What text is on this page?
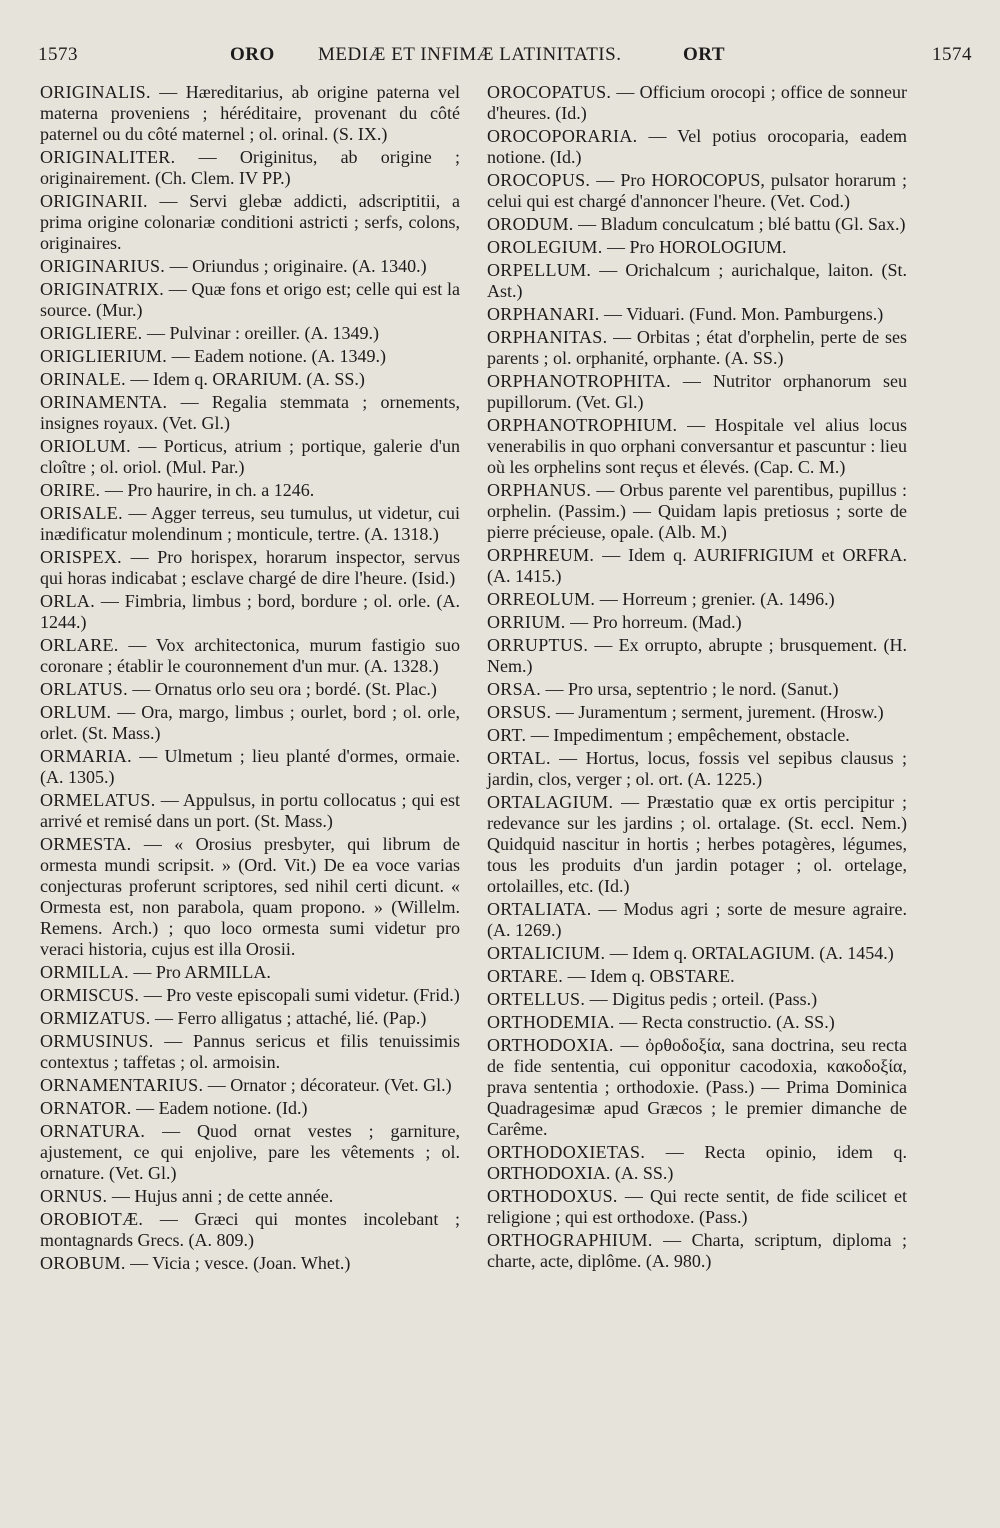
1573	ORO MEDIÆ ET INFIMÆ LATINITATIS.	ORT	1574

ORIGINALIS. — Hæreditarius, ab origine paterna vel materna proveniens ; héréditaire, provenant du côté paternel ou du côté maternel ; ol. orinal. (S. IX.)

ORIGINALITER. — Originitus, ab origine ; originairement. (Ch. Clem. IV PP.)

ORIGINARII. — Servi glebæ addicti, adscriptitii, a prima origine colonariæ conditioni astricti ; serfs, colons, originaires.

ORIGINARIUS. — Oriundus ; originaire. (A. 1340.)

ORIGINATRIX. — Quæ fons et origo est; celle qui est la source. (Mur.)

ORIGLIERE. — Pulvinar : oreiller. (A. 1349.)

ORIGLIERIUM. — Eadem notione. (A. 1349.)

ORINALE. — Idem q. ORARIUM. (A. SS.)

ORINAMENTA. — Regalia stemmata ; ornements, insignes royaux. (Vet. Gl.)

ORIOLUM. — Porticus, atrium ; portique, galerie d'un cloître ; ol. oriol. (Mul. Par.)

ORIRE. — Pro haurire, in ch. a 1246.

ORISALE. — Agger terreus, seu tumulus, ut videtur, cui inædificatur molendinum ; monticule, tertre. (A. 1318.)

ORISPEX. — Pro horispex, horarum inspector, servus qui horas indicabat ; esclave chargé de dire l'heure. (Isid.)

ORLA. — Fimbria, limbus ; bord, bordure ; ol. orle. (A. 1244.)

ORLARE. — Vox architectonica, murum fastigio suo coronare ; établir le couronnement d'un mur. (A. 1328.)

ORLATUS. — Ornatus orlo seu ora ; bordé. (St. Plac.)

ORLUM. — Ora, margo, limbus ; ourlet, bord ; ol. orle, orlet. (St. Mass.)

ORMARIA. — Ulmetum ; lieu planté d'ormes, ormaie. (A. 1305.)

ORMELATUS. — Appulsus, in portu collocatus ; qui est arrivé et remisé dans un port. (St. Mass.)

ORMESTA. — « Orosius presbyter, qui librum de ormesta mundi scripsit. » (Ord. Vit.) De ea voce varias conjecturas proferunt scriptores, sed nihil certi dicunt. « Ormesta est, non parabola, quam propono. » (Willelm. Remens. Arch.) ; quo loco ormesta sumi videtur pro veraci historia, cujus est illa Orosii.

ORMILLA. — Pro ARMILLA.

ORMISCUS. — Pro veste episcopali sumi videtur. (Frid.)

ORMIZATUS. — Ferro alligatus ; attaché, lié. (Pap.)

ORMUSINUS. — Pannus sericus et filis tenuissimis contextus ; taffetas ; ol. armoisin.

ORNAMENTARIUS. — Ornator ; décorateur. (Vet. Gl.)

ORNATOR. — Eadem notione. (Id.)

ORNATURA. — Quod ornat vestes ; garniture, ajustement, ce qui enjolive, pare les vêtements ; ol. ornature. (Vet. Gl.)

ORNUS. — Hujus anni ; de cette année.

OROBIOTÆ. — Græci qui montes incolebant ; montagnards Grecs. (A. 809.)

OROBUM. — Vicia ; vesce. (Joan. Whet.)

OROCOPATUS. — Officium orocopi ; office de sonneur d'heures. (Id.)

OROCOPORARIA. — Vel potius orocoparia, eadem notione. (Id.)

OROCOPUS. — Pro HOROCOPUS, pulsator horarum ; celui qui est chargé d'annoncer l'heure. (Vet. Cod.)

ORODUM. — Bladum conculcatum ; blé battu (Gl. Sax.)

OROLEGIUM. — Pro HOROLOGIUM.

ORPELLUM. — Orichalcum ; aurichalque, laiton. (St. Ast.)

ORPHANARI. — Viduari. (Fund. Mon. Pamburgens.)

ORPHANITAS. — Orbitas ; état d'orphelin, perte de ses parents ; ol. orphanité, orphante. (A. SS.)

ORPHANOTROPHITA. — Nutritor orphanorum seu pupillorum. (Vet. Gl.)

ORPHANOTROPHIUM. — Hospitale vel alius locus venerabilis in quo orphani conversantur et pascuntur : lieu où les orphelins sont reçus et élevés. (Cap. C. M.)

ORPHANUS. — Orbus parente vel parentibus, pupillus : orphelin. (Passim.) — Quidam lapis pretiosus ; sorte de pierre précieuse, opale. (Alb. M.)

ORPHREUM. — Idem q. AURIFRIGIUM et ORFRA. (A. 1415.)

ORREOLUM. — Horreum ; grenier. (A. 1496.)

ORRIUM. — Pro horreum. (Mad.)

ORRUPTUS. — Ex orrupto, abrupte ; brusquement. (H. Nem.)

ORSA. — Pro ursa, septentrio ; le nord. (Sanut.)

ORSUS. — Juramentum ; serment, jurement. (Hrosw.)

ORT. — Impedimentum ; empêchement, obstacle.

ORTAL. — Hortus, locus, fossis vel sepibus clausus ; jardin, clos, verger ; ol. ort. (A. 1225.)

ORTALAGIUM. — Præstatio quæ ex ortis percipitur ; redevance sur les jardins ; ol. ortalage. (St. eccl. Nem.) Quidquid nascitur in hortis ; herbes potagères, légumes, tous les produits d'un jardin potager ; ol. ortelage, ortolailles, etc. (Id.)

ORTALIATA. — Modus agri ; sorte de mesure agraire. (A. 1269.)

ORTALICIUM. — Idem q. ORTALAGIUM. (A. 1454.)

ORTARE. — Idem q. OBSTARE.

ORTELLUS. — Digitus pedis ; orteil. (Pass.)

ORTHODEMIA. — Recta constructio. (A. SS.)

ORTHODOXIA. — ὀρθοδοξία, sana doctrina, seu recta de fide sententia, cui opponitur cacodoxia, κακοδοξία, prava sententia ; orthodoxie. (Pass.) — Prima Dominica Quadragesimæ apud Græcos ; le premier dimanche de Carême.

ORTHODOXIETAS. — Recta opinio, idem q. ORTHODOXIA. (A. SS.)

ORTHODOXUS. — Qui recte sentit, de fide scilicet et religione ; qui est orthodoxe. (Pass.)

ORTHOGRAPHIUM. — Charta, scriptum, diploma ; charte, acte, diplôme. (A. 980.)
